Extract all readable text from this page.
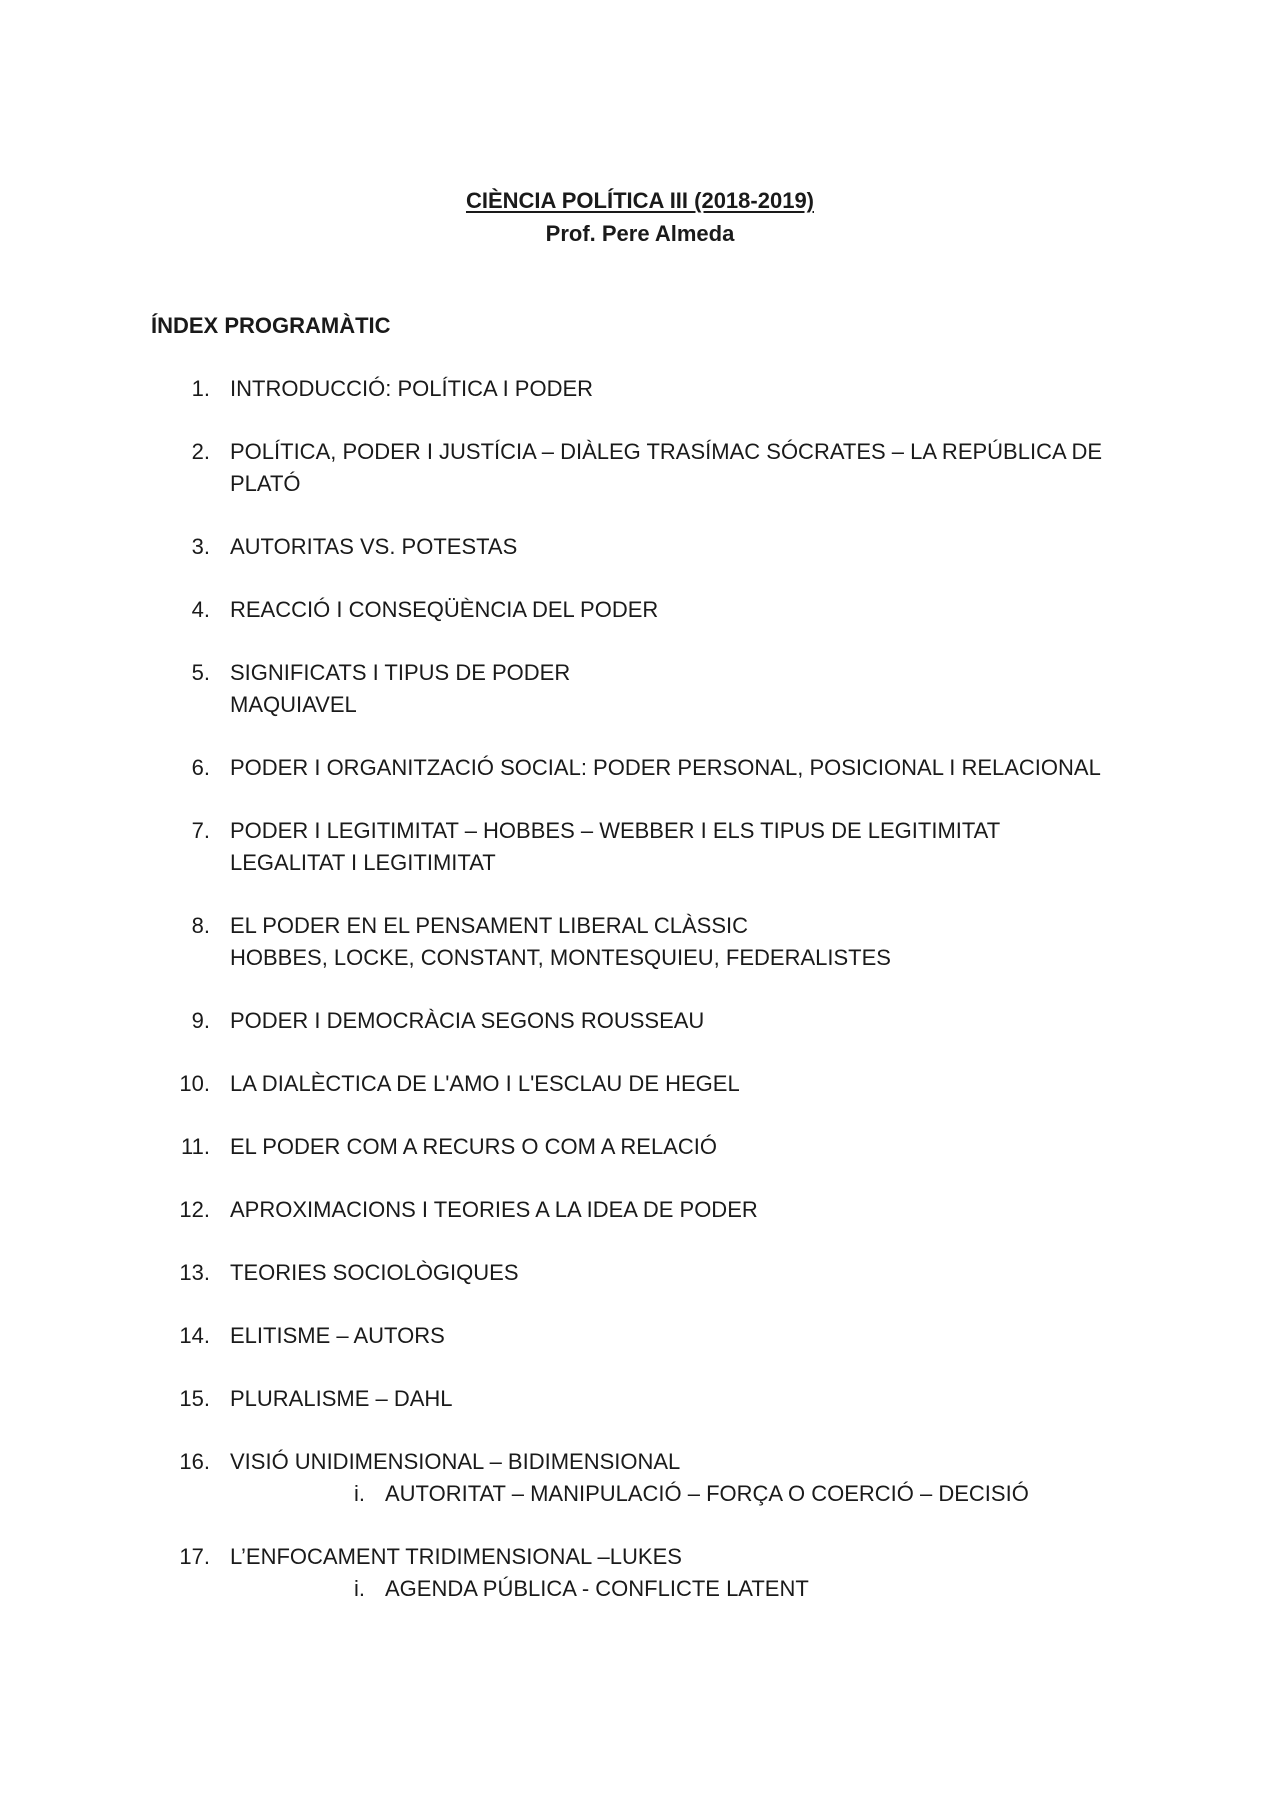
CIÈNCIA POLÍTICA III (2018-2019)
Prof. Pere Almeda
ÍNDEX PROGRAMÀTIC
1. INTRODUCCIÓ: POLÍTICA I PODER
2. POLÍTICA, PODER I JUSTÍCIA – DIÀLEG TRASÍMAC SÓCRATES – LA REPÚBLICA DE
PLATÓ
3. AUTORITAS VS. POTESTAS
4. REACCIÓ I CONSEQÜÈNCIA DEL PODER
5. SIGNIFICATS I TIPUS DE PODER
MAQUIAVEL
6. PODER I ORGANITZACIÓ SOCIAL: PODER PERSONAL, POSICIONAL I RELACIONAL
7. PODER I LEGITIMITAT – HOBBES – WEBBER I ELS TIPUS DE LEGITIMITAT
LEGALITAT I LEGITIMITAT
8. EL PODER EN EL PENSAMENT LIBERAL CLÀSSIC
HOBBES, LOCKE, CONSTANT, MONTESQUIEU, FEDERALISTES
9. PODER I DEMOCRÀCIA SEGONS ROUSSEAU
10. LA DIALÈCTICA DE L'AMO I L'ESCLAU DE HEGEL
11. EL PODER COM A RECURS O COM A RELACIÓ
12. APROXIMACIONS I TEORIES A LA IDEA DE PODER
13. TEORIES SOCIOLÒGIQUES
14. ELITISME – AUTORS
15. PLURALISME – DAHL
16. VISIÓ UNIDIMENSIONAL – BIDIMENSIONAL
i. AUTORITAT – MANIPULACIÓ – FORÇA O COERCIÓ – DECISIÓ
17. L’ENFOCAMENT TRIDIMENSIONAL –LUKES
i. AGENDA PÚBLICA - CONFLICTE LATENT
